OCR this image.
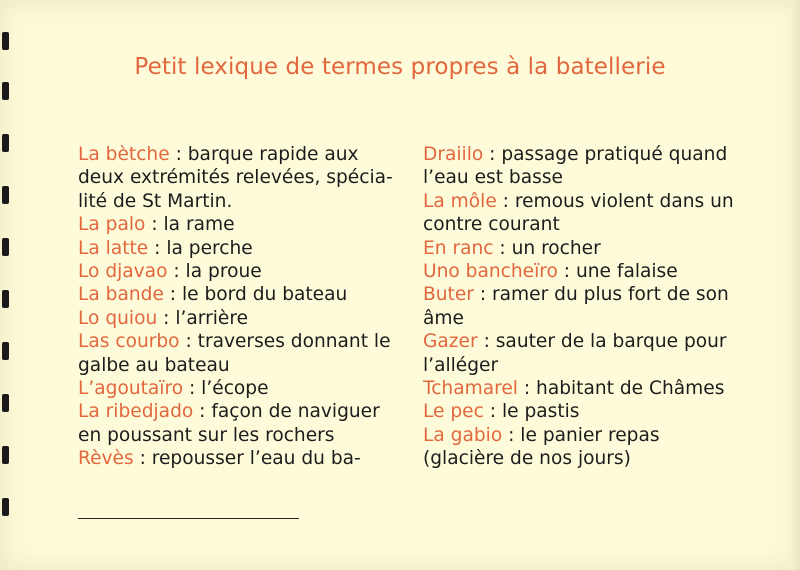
Petit lexique de termes propres à la batellerie
La bètche : barque rapide aux
deux extrémités relevées, spécia-
lité de St Martin.
La palo : la rame
La latte : la perche
Lo djavao : la proue
La bande : le bord du bateau
Lo quiou : l’arrière
Las courbo : traverses donnant le
galbe au bateau
L’agoutaïro : l’écope
La ribedjado : façon de naviguer
en poussant sur les rochers
Rèvès : repousser l’eau du ba-
Draiilo : passage pratiqué quand
l’eau est basse
La môle : remous violent dans un
contre courant
En ranc : un rocher
Uno bancheïro : une falaise
Buter : ramer du plus fort de son
âme
Gazer : sauter de la barque pour
l’alléger
Tchamarel : habitant de Châmes
Le pec : le pastis
La gabio : le panier repas
(glacière de nos jours)
